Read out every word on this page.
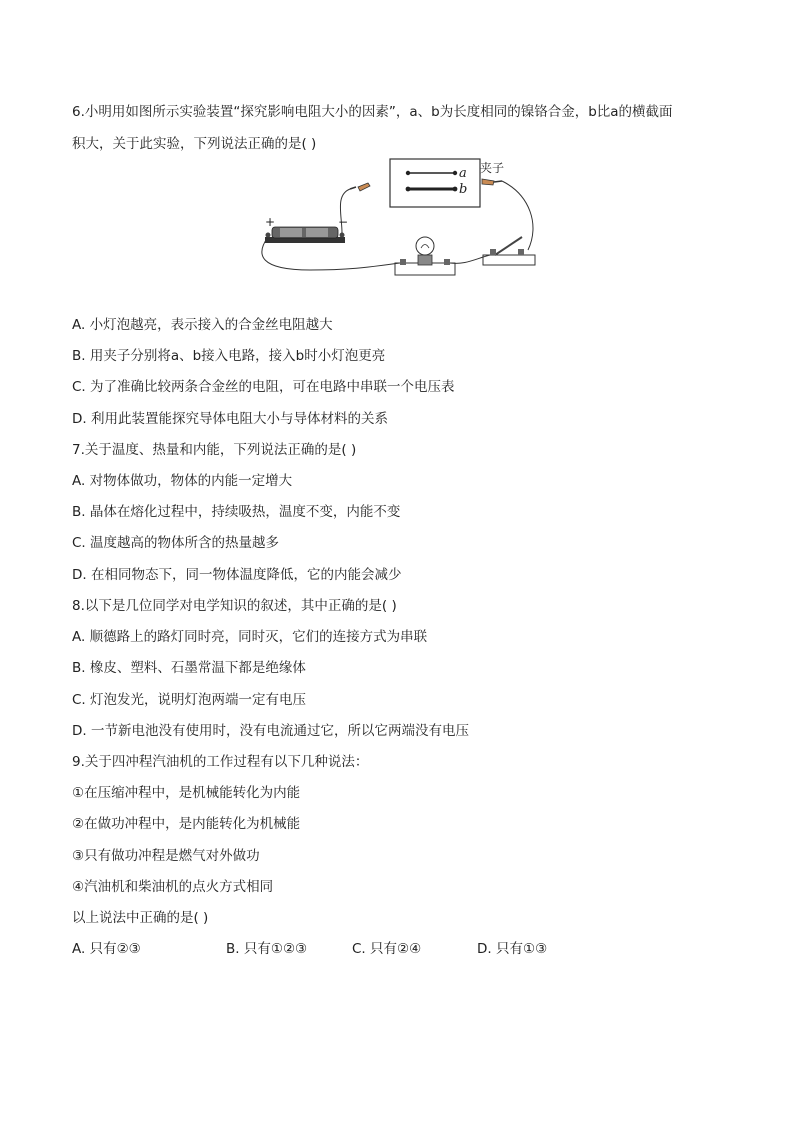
6.小明用如图所示实验装置“探究影响电阻大小的因素”，a、b为长度相同的镍铬合金，b比a的横截面
积大，关于此实验，下列说法正确的是( )
a
b
夹子
+	−
A. 小灯泡越亮，表示接入的合金丝电阻越大
B. 用夹子分别将a、b接入电路，接入b时小灯泡更亮
C. 为了准确比较两条合金丝的电阻，可在电路中串联一个电压表
D. 利用此装置能探究导体电阻大小与导体材料的关系
7.关于温度、热量和内能，下列说法正确的是( )
A. 对物体做功，物体的内能一定增大
B. 晶体在熔化过程中，持续吸热，温度不变，内能不变
C. 温度越高的物体所含的热量越多
D. 在相同物态下，同一物体温度降低，它的内能会减少
8.以下是几位同学对电学知识的叙述，其中正确的是( )
A. 顺德路上的路灯同时亮，同时灭，它们的连接方式为串联
B. 橡皮、塑料、石墨常温下都是绝缘体
C. 灯泡发光，说明灯泡两端一定有电压
D. 一节新电池没有使用时，没有电流通过它，所以它两端没有电压
9.关于四冲程汽油机的工作过程有以下几种说法：
①在压缩冲程中，是机械能转化为内能
②在做功冲程中，是内能转化为机械能
③只有做功冲程是燃气对外做功
④汽油机和柴油机的点火方式相同
以上说法中正确的是( )
A. 只有②③	B. 只有①②③	C. 只有②④	D. 只有①③
